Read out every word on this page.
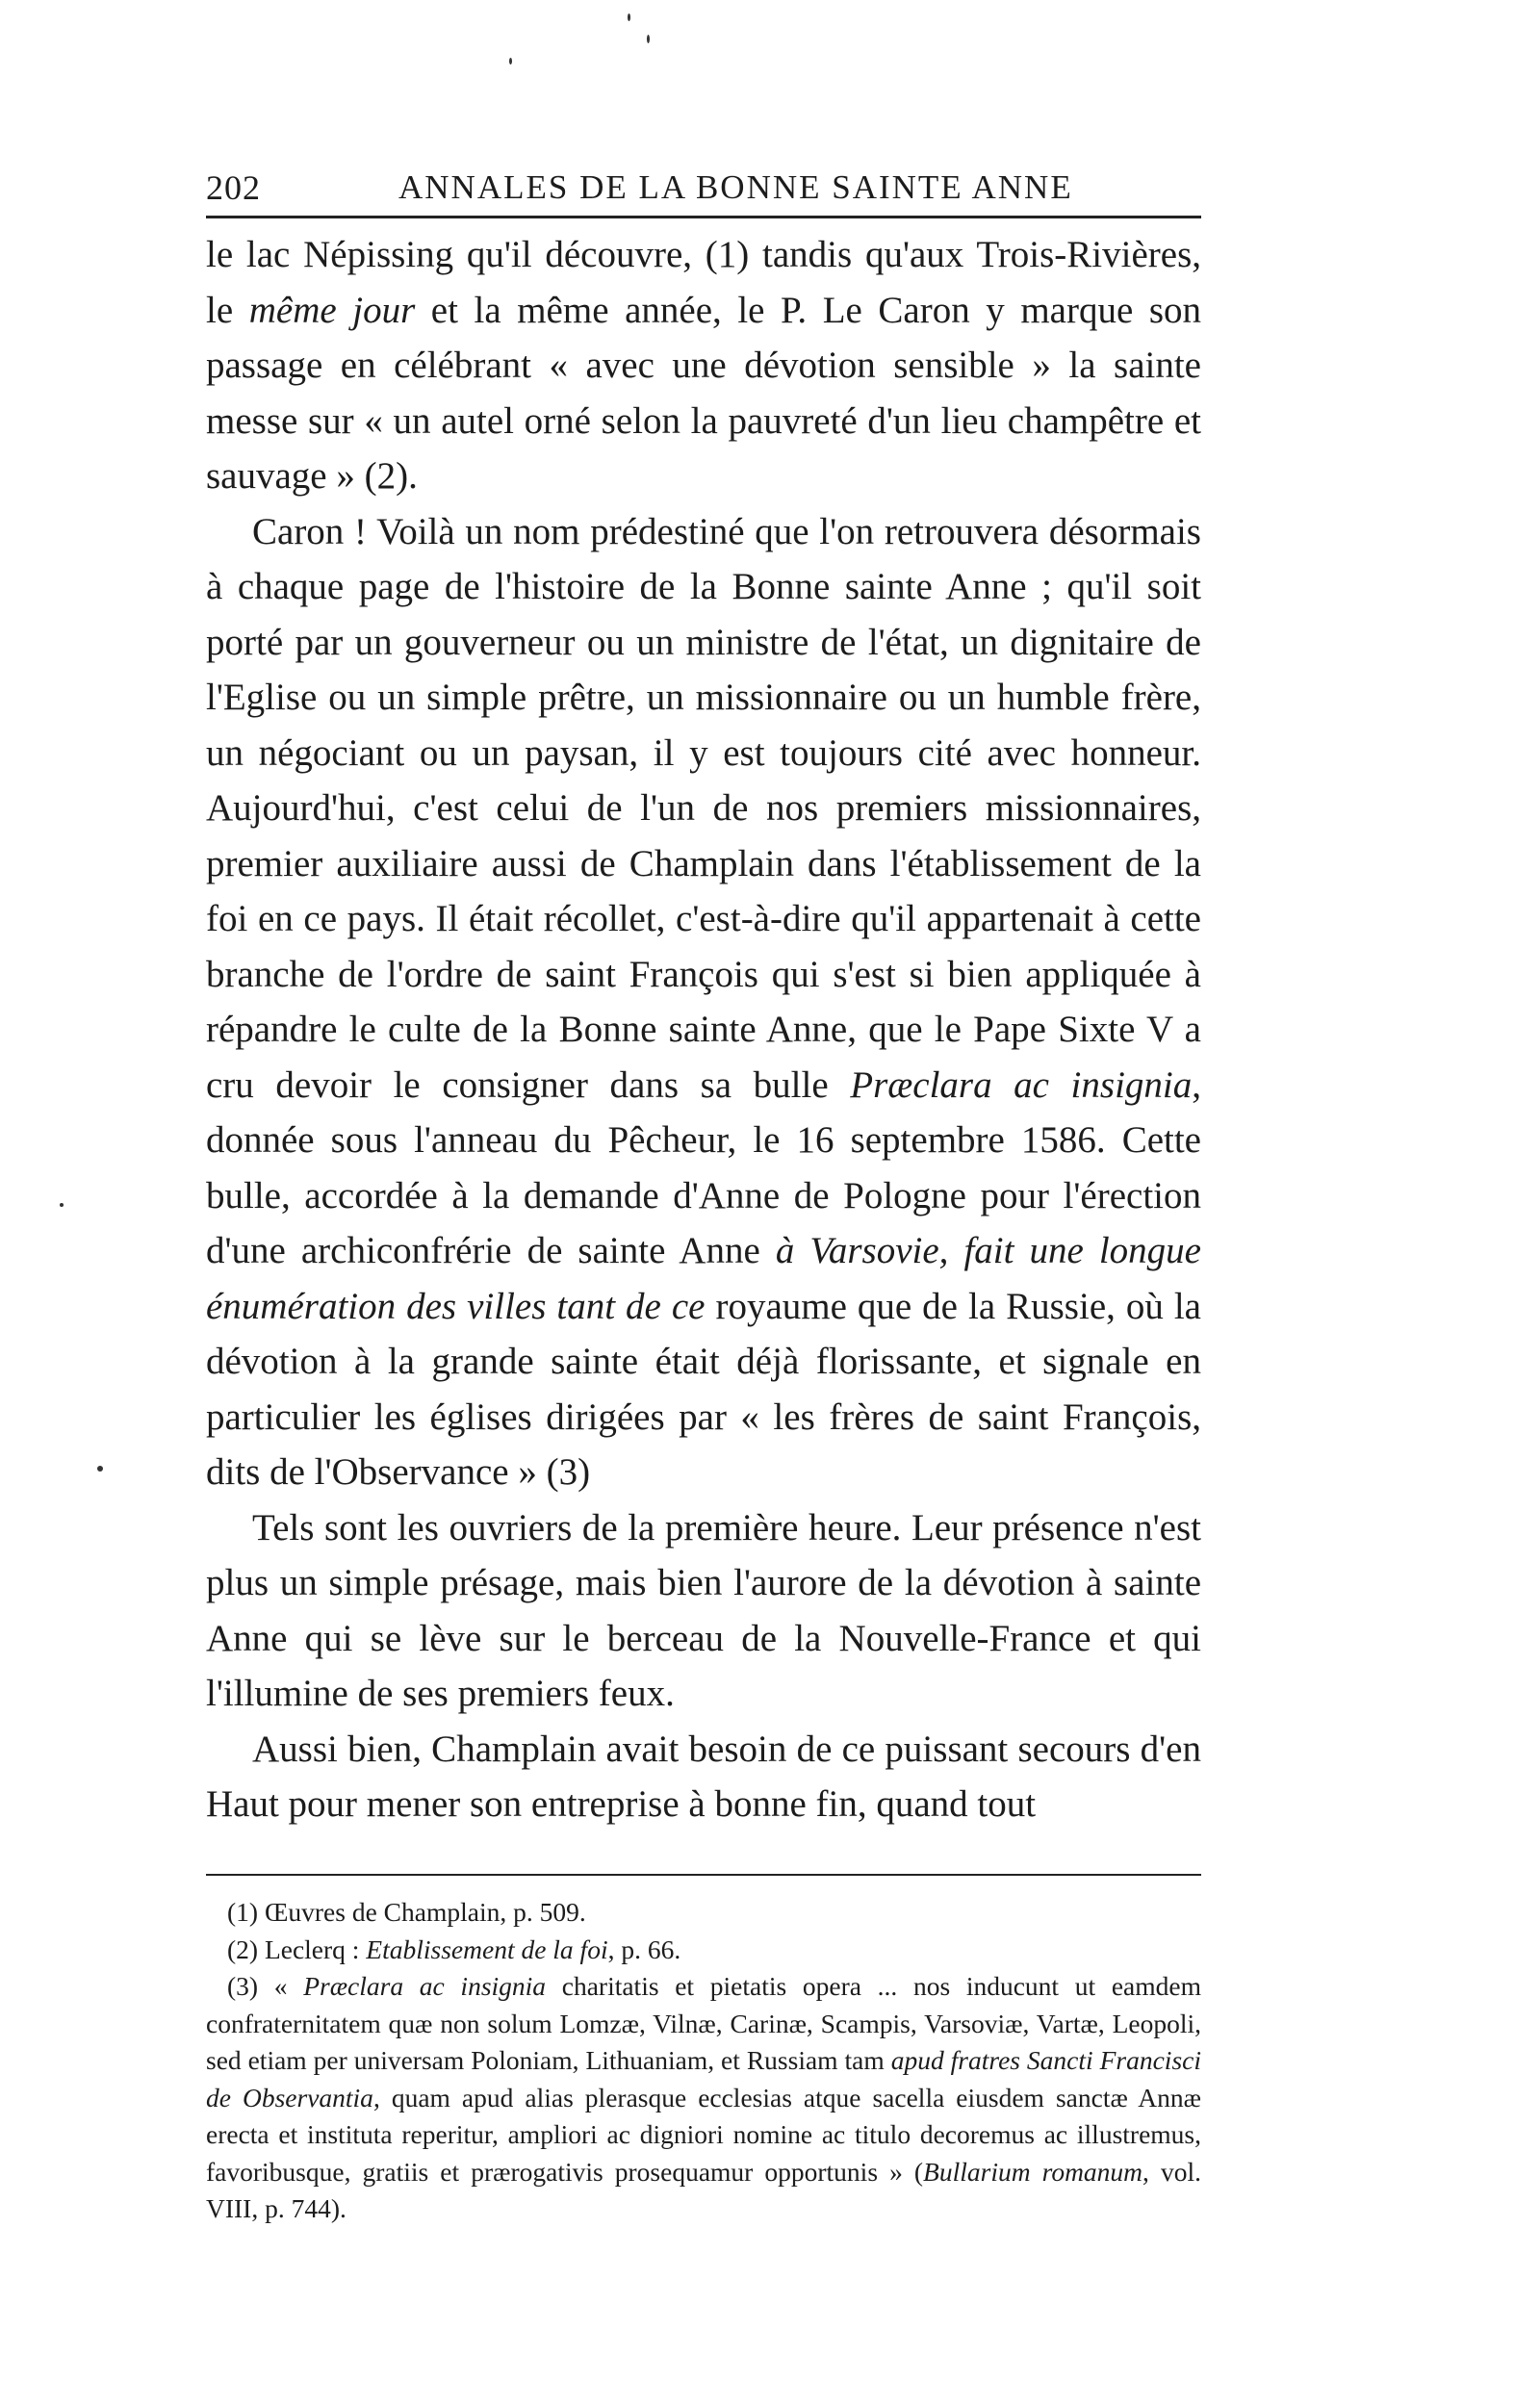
202	ANNALES DE LA BONNE SAINTE ANNE

le lac Népissing qu'il découvre, (1) tandis qu'aux Trois-Rivières, le même jour et la même année, le P. Le Caron y marque son passage en célébrant « avec une dévotion sensible » la sainte messe sur « un autel orné selon la pauvreté d'un lieu champêtre et sauvage » (2).

Caron ! Voilà un nom prédestiné que l'on retrouvera désormais à chaque page de l'histoire de la Bonne sainte Anne ; qu'il soit porté par un gouverneur ou un ministre de l'état, un dignitaire de l'Eglise ou un simple prêtre, un missionnaire ou un humble frère, un négociant ou un paysan, il y est toujours cité avec honneur. Aujourd'hui, c'est celui de l'un de nos premiers missionnaires, premier auxiliaire aussi de Champlain dans l'établissement de la foi en ce pays. Il était récollet, c'est-à-dire qu'il appartenait à cette branche de l'ordre de saint François qui s'est si bien appliquée à répandre le culte de la Bonne sainte Anne, que le Pape Sixte V a cru devoir le consigner dans sa bulle Præclara ac insignia, donnée sous l'anneau du Pêcheur, le 16 septembre 1586. Cette bulle, accordée à la demande d'Anne de Pologne pour l'érection d'une archiconfrérie de sainte Anne à Varsovie, fait une longue énumération des villes tant de ce royaume que de la Russie, où la dévotion à la grande sainte était déjà florissante, et signale en particulier les églises dirigées par « les frères de saint François, dits de l'Observance » (3)

Tels sont les ouvriers de la première heure. Leur présence n'est plus un simple présage, mais bien l'aurore de la dévotion à sainte Anne qui se lève sur le berceau de la Nouvelle-France et qui l'illumine de ses premiers feux.

Aussi bien, Champlain avait besoin de ce puissant secours d'en Haut pour mener son entreprise à bonne fin, quand tout

(1) Œuvres de Champlain, p. 509.

(2) Leclerq : Etablissement de la foi, p. 66.

(3) « Præclara ac insignia charitatis et pietatis opera ... nos inducunt ut eamdem confraternitatem quæ non solum Lomzæ, Vilnæ, Carinæ, Scampis, Varsoviæ, Vartæ, Leopoli, sed etiam per universam Poloniam, Lithuaniam, et Russiam tam apud fratres Sancti Francisci de Observantia, quam apud alias plerasque ecclesias atque sacella eiusdem sanctæ Annæ erecta et instituta reperitur, ampliori ac digniori nomine ac titulo decoremus ac illustremus, favoribusque, gratiis et prærogativis prosequamur opportunis » (Bullarium romanum, vol. VIII, p. 744).
